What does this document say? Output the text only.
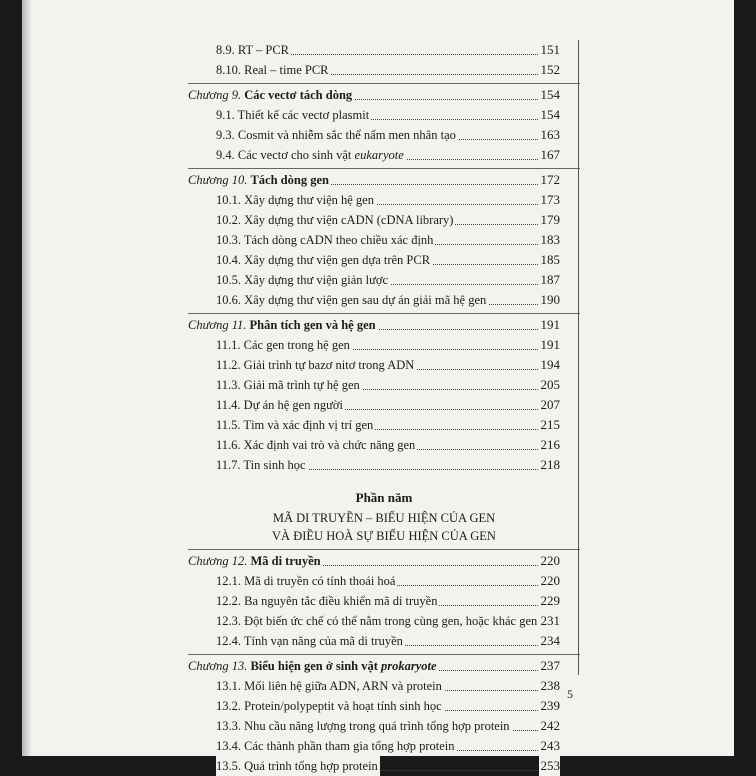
8.9. RT – PCR	151
8.10. Real – time PCR	152
Chương 9. Các vectơ tách dòng	154
9.1. Thiết kế các vectơ plasmit	154
9.3. Cosmit và nhiễm sắc thể nấm men nhân tạo	163
9.4. Các vectơ cho sinh vật eukaryote	167
Chương 10. Tách dòng gen	172
10.1. Xây dựng thư viện hệ gen	173
10.2. Xây dựng thư viện cADN (cDNA library)	179
10.3. Tách dòng cADN theo chiều xác định	183
10.4. Xây dựng thư viện gen dựa trên PCR	185
10.5. Xây dựng thư viện giản lược	187
10.6. Xây dựng thư viện gen sau dự án giải mã hệ gen	190
Chương 11. Phân tích gen và hệ gen	191
11.1. Các gen trong hệ gen	191
11.2. Giải trình tự bazơ nitơ trong ADN	194
11.3. Giải mã trình tự hệ gen	205
11.4. Dự án hệ gen người	207
11.5. Tìm và xác định vị trí gen	215
11.6. Xác định vai trò và chức năng gen	216
11.7. Tin sinh học	218
Phần năm
MÃ DI TRUYỀN – BIỂU HIỆN CỦA GEN
VÀ ĐIỀU HOÀ SỰ BIỂU HIỆN CỦA GEN
Chương 12. Mã di truyền	220
12.1. Mã di truyền có tính thoái hoá	220
12.2. Ba nguyên tắc điều khiển mã di truyền	229
12.3. Đột biến ức chế có thể nằm trong cùng gen, hoặc khác gen 231
12.4. Tính vạn năng của mã di truyền	234
Chương 13. Biểu hiện gen ở sinh vật prokaryote	237
13.1. Mối liên hệ giữa ADN, ARN và protein	238
13.2. Protein/polypeptit và hoạt tính sinh học	239
13.3. Nhu cầu năng lượng trong quá trình tổng hợp protein 242
13.4. Các thành phần tham gia tổng hợp protein	243
13.5. Quá trình tổng hợp protein	253
5
